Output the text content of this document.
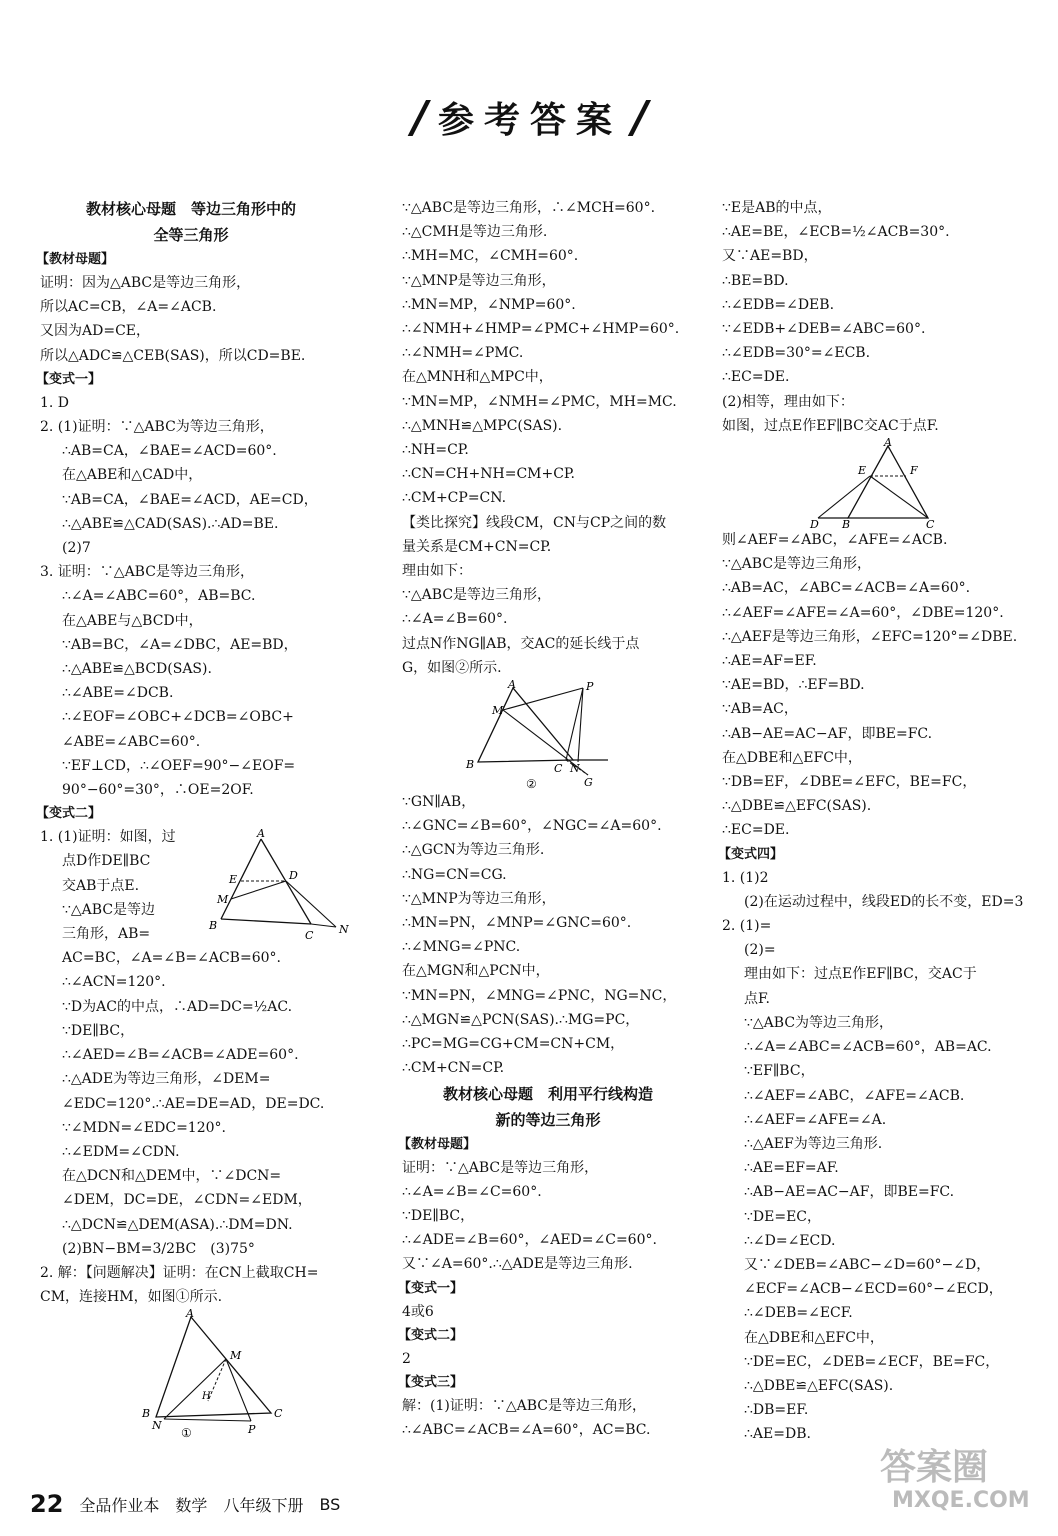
/ 参考答案 /
教材核心母题　等边三角形中的
全等三角形
【教材母题】
证明：因为△ABC是等边三角形，
所以AC=CB，∠A=∠ACB.
又因为AD=CE，
所以△ADC≌△CEB(SAS)，所以CD=BE.
【变式一】
1. D
2. (1)证明：∵△ABC为等边三角形，
∴AB=CA，∠BAE=∠ACD=60°.
在△ABE和△CAD中，
∵AB=CA，∠BAE=∠ACD，AE=CD，
∴△ABE≌△CAD(SAS).∴AD=BE.
(2)7
3. 证明：∵△ABC是等边三角形，
∴∠A=∠ABC=60°，AB=BC.
在△ABE与△BCD中，
∵AB=BC，∠A=∠DBC，AE=BD，
∴△ABE≌△BCD(SAS).
∴∠ABE=∠DCB.
∴∠EOF=∠OBC+∠DCB=∠OBC+
∠ABE=∠ABC=60°.
∵EF⊥CD，∴∠OEF=90°−∠EOF=
90°−60°=30°，∴OE=2OF.
【变式二】
1. (1)证明：如图，过	A
E	D
M
B
C N
点D作DE∥BC
交AB于点E.
∵△ABC是等边
三角形，AB=
AC=BC，∠A=∠B=∠ACB=60°.
∴∠ACN=120°.
∵D为AC的中点，∴AD=DC=½AC.
∵DE∥BC，
∴∠AED=∠B=∠ACB=∠ADE=60°.
∴△ADE为等边三角形，∠DEM=
∠EDC=120°.∴AE=DE=AD，DE=DC.
∵∠MDN=∠EDC=120°.
∴∠EDM=∠CDN.
在△DCN和△DEM中，∵∠DCN=
∠DEM，DC=DE，∠CDN=∠EDM，
∴△DCN≌△DEM(ASA).∴DM=DN.
(2)BN−BM=3/2BC　(3)75°
2. 解：【问题解决】证明：在CN上截取CH=
CM，连接HM，如图①所示.
A
M
H
B
N
C
P
①
∵△ABC是等边三角形，∴∠MCH=60°.
∴△CMH是等边三角形.
∴MH=MC，∠CMH=60°.
∵△MNP是等边三角形，
∴MN=MP，∠NMP=60°.
∴∠NMH+∠HMP=∠PMC+∠HMP=60°.
∴∠NMH=∠PMC.
在△MNH和△MPC中，
∵MN=MP，∠NMH=∠PMC，MH=MC.
∴△MNH≌△MPC(SAS).
∴NH=CP.
∴CN=CH+NH=CM+CP.
∴CM+CP=CN.
【类比探究】线段CM，CN与CP之间的数
量关系是CM+CN=CP.
理由如下：
∵△ABC是等边三角形，
∴∠A=∠B=60°.
过点N作NG∥AB，交AC的延长线于点
G，如图②所示.
A	P
M
B	C N
G
②
∵GN∥AB，
∴∠GNC=∠B=60°，∠NGC=∠A=60°.
∴△GCN为等边三角形.
∴NG=CN=CG.
∵△MNP为等边三角形，
∴MN=PN，∠MNP=∠GNC=60°.
∴∠MNG=∠PNC.
在△MGN和△PCN中，
∵MN=PN，∠MNG=∠PNC，NG=NC，
∴△MGN≌△PCN(SAS).∴MG=PC，
∴PC=MG=CG+CM=CN+CM，
∴CM+CN=CP.
教材核心母题　利用平行线构造
新的等边三角形
【教材母题】
证明：∵△ABC是等边三角形，
∴∠A=∠B=∠C=60°.
∵DE∥BC，
∴∠ADE=∠B=60°，∠AED=∠C=60°.
又∵∠A=60°.∴△ADE是等边三角形.
【变式一】
4或6
【变式二】
2
【变式三】
解：(1)证明：∵△ABC是等边三角形，
∴∠ABC=∠ACB=∠A=60°，AC=BC.
∵E是AB的中点，
∴AE=BE，∠ECB=½∠ACB=30°.
又∵AE=BD，
∴BE=BD.
∴∠EDB=∠DEB.
∵∠EDB+∠DEB=∠ABC=60°.
∴∠EDB=30°=∠ECB.
∴EC=DE.
(2)相等，理由如下：
如图，过点E作EF∥BC交AC于点F.
A
E	F
D B	C
则∠AEF=∠ABC，∠AFE=∠ACB.
∵△ABC是等边三角形，
∴AB=AC，∠ABC=∠ACB=∠A=60°.
∴∠AEF=∠AFE=∠A=60°，∠DBE=120°.
∴△AEF是等边三角形，∠EFC=120°=∠DBE.
∴AE=AF=EF.
∵AE=BD，∴EF=BD.
∵AB=AC，
∴AB−AE=AC−AF，即BE=FC.
在△DBE和△EFC中，
∵DB=EF，∠DBE=∠EFC，BE=FC，
∴△DBE≌△EFC(SAS).
∴EC=DE.
【变式四】
1. (1)2
(2)在运动过程中，线段ED的长不变，ED=3
2. (1)=
(2)=
理由如下：过点E作EF∥BC，交AC于
点F.
∵△ABC为等边三角形，
∴∠A=∠ABC=∠ACB=60°，AB=AC.
∵EF∥BC，
∴∠AEF=∠ABC，∠AFE=∠ACB.
∴∠AEF=∠AFE=∠A.
∴△AEF为等边三角形.
∴AE=EF=AF.
∴AB−AE=AC−AF，即BE=FC.
∵DE=EC，
∴∠D=∠ECD.
又∵∠DEB=∠ABC−∠D=60°−∠D，
∠ECF=∠ACB−∠ECD=60°−∠ECD，
∴∠DEB=∠ECF.
在△DBE和△EFC中，
∵DE=EC，∠DEB=∠ECF，BE=FC，
∴△DBE≌△EFC(SAS).
∴DB=EF.
∴AE=DB.
22 全品作业本 数学 八年级下册 BS
答案圈
MXQE.COM
